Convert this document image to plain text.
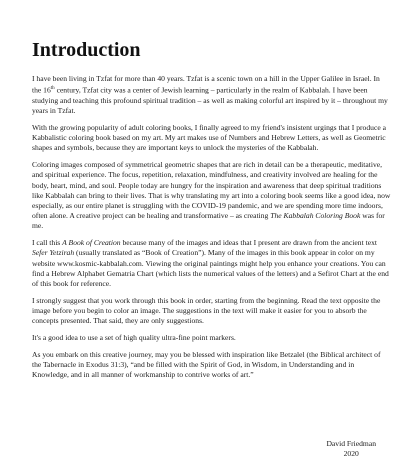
Introduction

I have been living in Tzfat for more than 40 years. Tzfat is a scenic town on a hill in the Upper Galilee in Israel. In the 16th century, Tzfat city was a center of Jewish learning – particularly in the realm of Kabbalah. I have been studying and teaching this profound spiritual tradition – as well as making colorful art inspired by it – throughout my years in Tzfat.

With the growing popularity of adult coloring books, I finally agreed to my friend's insistent urgings that I produce a Kabbalistic coloring book based on my art. My art makes use of Numbers and Hebrew Letters, as well as Geometric shapes and symbols, because they are important keys to unlock the mysteries of the Kabbalah.

Coloring images composed of symmetrical geometric shapes that are rich in detail can be a therapeutic, meditative, and spiritual experience. The focus, repetition, relaxation, mindfulness, and creativity involved are healing for the body, heart, mind, and soul. People today are hungry for the inspiration and awareness that deep spiritual traditions like Kabbalah can bring to their lives. That is why translating my art into a coloring book seems like a good idea, now especially, as our entire planet is struggling with the COVID-19 pandemic, and we are spending more time indoors, often alone. A creative project can be healing and transformative – as creating The Kabbalah Coloring Book was for me.

I call this A Book of Creation because many of the images and ideas that I present are drawn from the ancient text Sefer Yetzirah (usually translated as “Book of Creation”). Many of the images in this book appear in color on my website www.kosmic-kabbalah.com. Viewing the original paintings might help you enhance your creations. You can find a Hebrew Alphabet Gematria Chart (which lists the numerical values of the letters) and a Sefirot Chart at the end of this book for reference.

I strongly suggest that you work through this book in order, starting from the beginning. Read the text opposite the image before you begin to color an image. The suggestions in the text will make it easier for you to absorb the concepts presented. That said, they are only suggestions.

It's a good idea to use a set of high quality ultra-fine point markers.

As you embark on this creative journey, may you be blessed with inspiration like Betzalel (the Biblical architect of the Tabernacle in Exodus 31:3), “and be filled with the Spirit of God, in Wisdom, in Understanding and in Knowledge, and in all manner of workmanship to contrive works of art.”

David Friedman
2020
